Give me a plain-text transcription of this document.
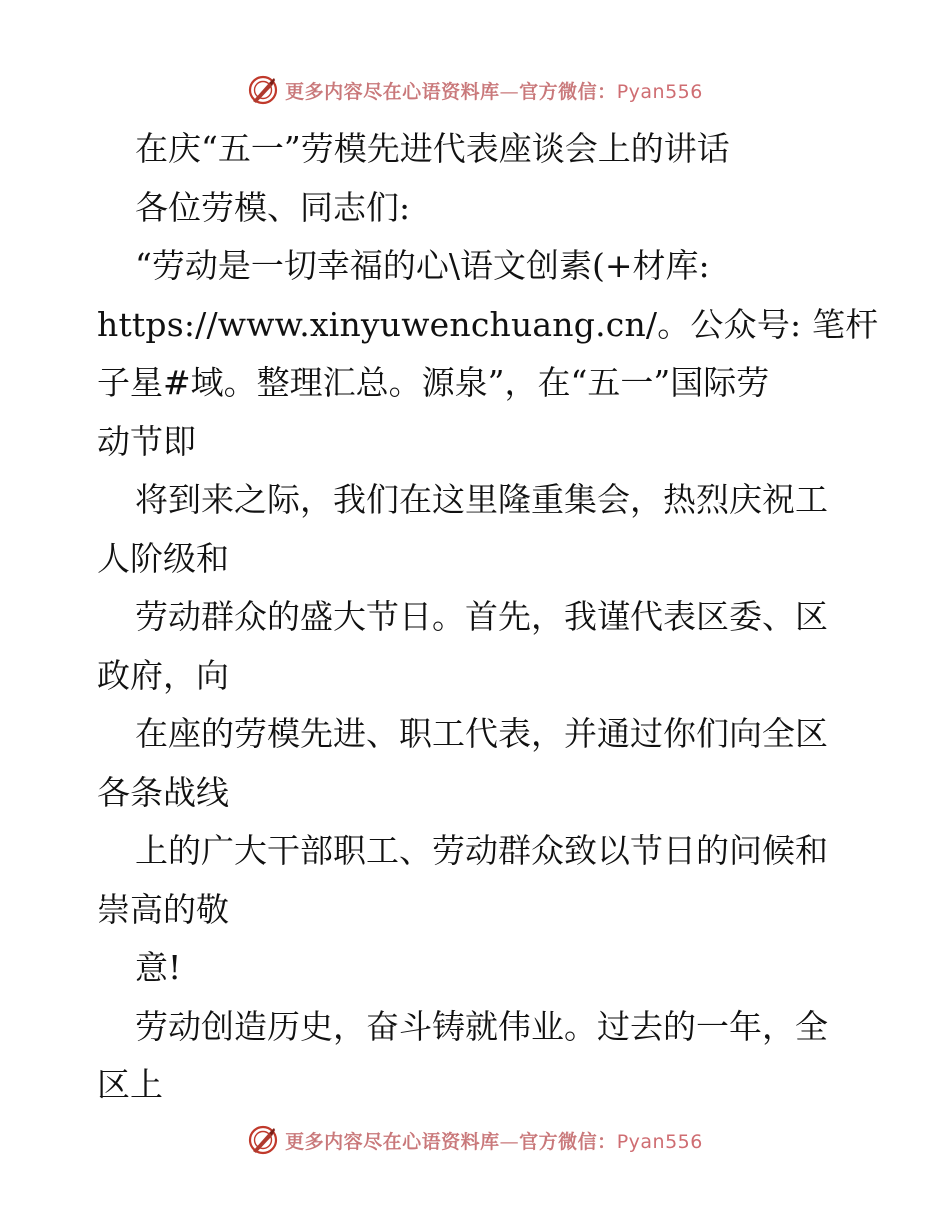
更多内容尽在心语资料库—官方微信：Pyan556
在庆“五一”劳模先进代表座谈会上的讲话
各位劳模、同志们:
“劳动是一切幸福的心\语文创素(+材库:
https://www.xinyuwenchuang.cn/。公众号: 笔杆
子星#域。整理汇总。源泉”，在“五一”国际劳
动节即
将到来之际，我们在这里隆重集会，热烈庆祝工
人阶级和
劳动群众的盛大节日。首先，我谨代表区委、区
政府，向
在座的劳模先进、职工代表，并通过你们向全区
各条战线
上的广大干部职工、劳动群众致以节日的问候和
崇高的敬
意!
劳动创造历史，奋斗铸就伟业。过去的一年，全
区上
更多内容尽在心语资料库—官方微信：Pyan556
